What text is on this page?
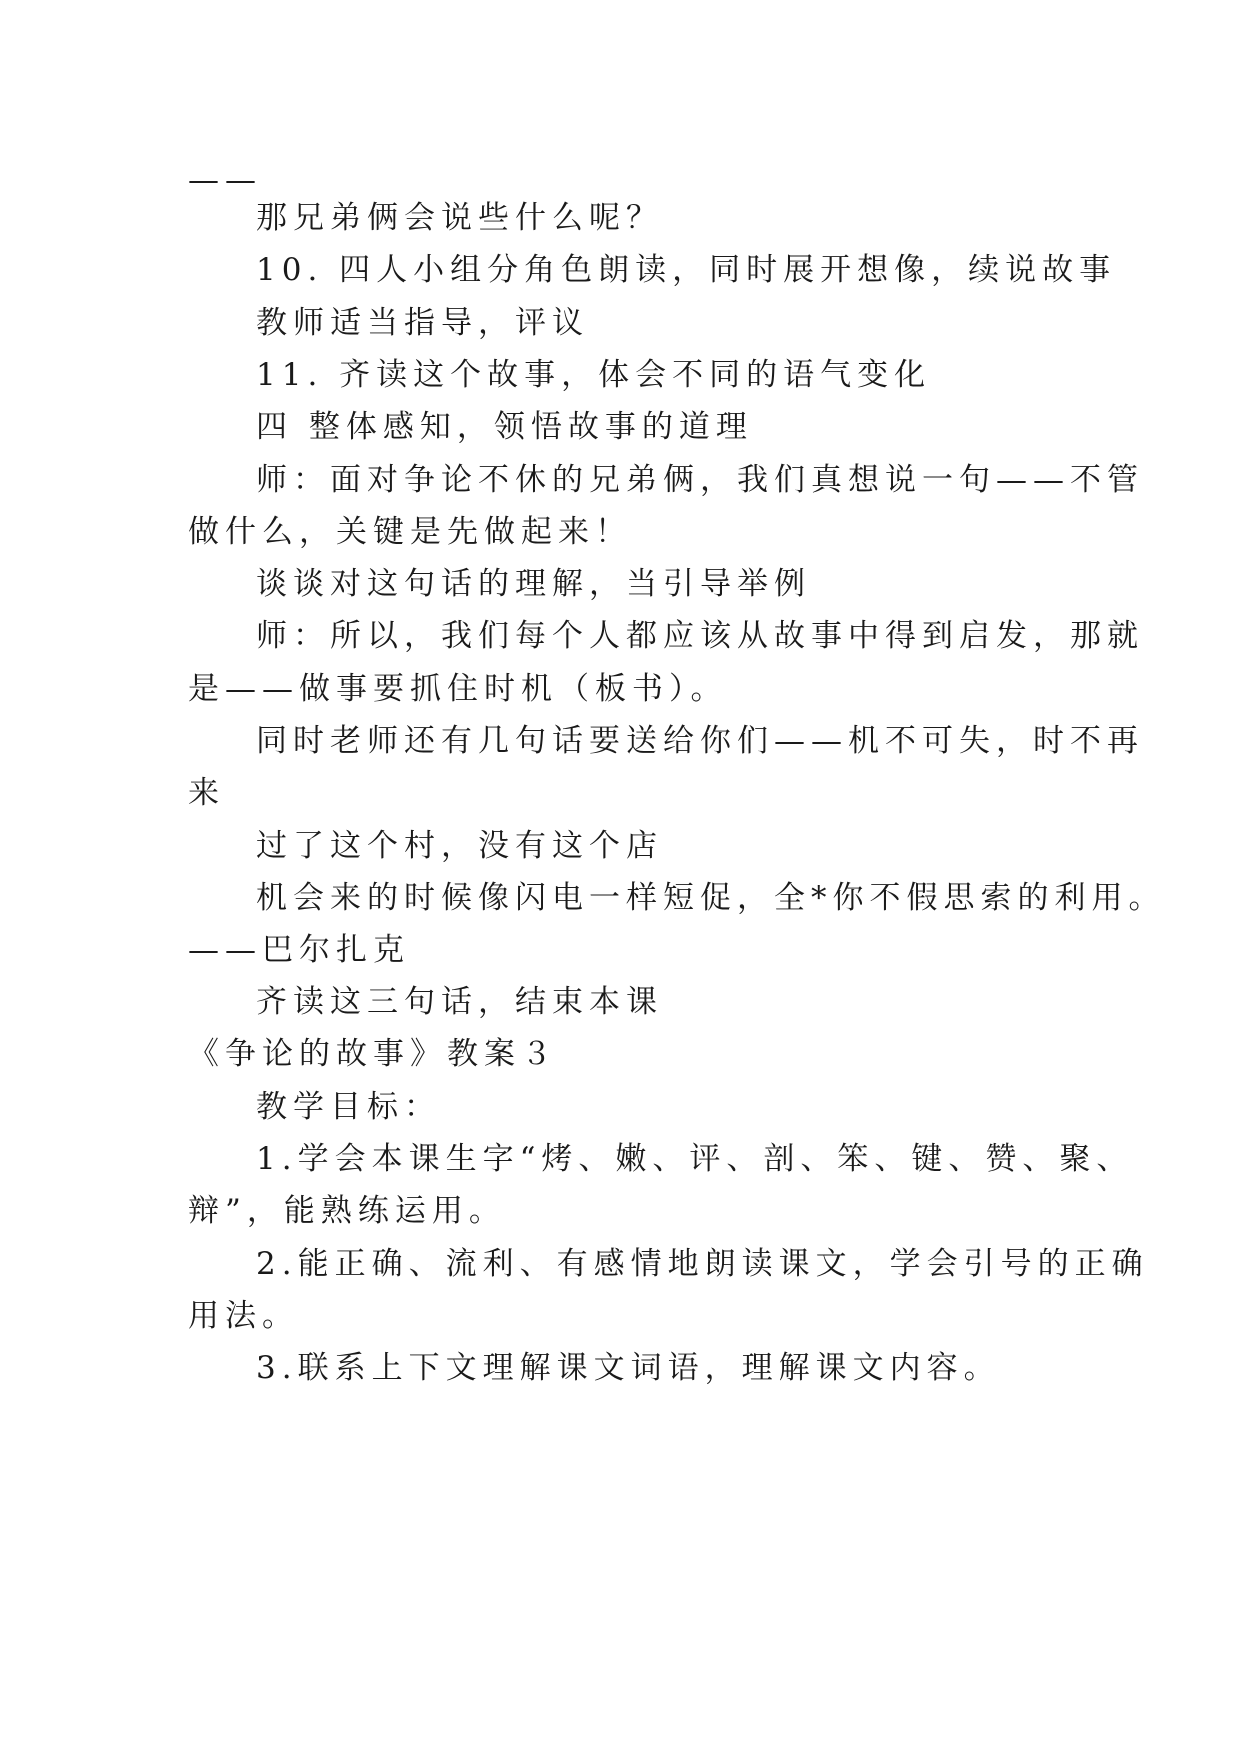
——
那兄弟俩会说些什么呢？
10. 四人小组分角色朗读，同时展开想像，续说故事
教师适当指导，评议
11. 齐读这个故事，体会不同的语气变化
四 整体感知，领悟故事的道理
师：面对争论不休的兄弟俩，我们真想说一句——不管
做什么，关键是先做起来！
谈谈对这句话的理解，当引导举例
师：所以，我们每个人都应该从故事中得到启发，那就
是——做事要抓住时机（板书）。
同时老师还有几句话要送给你们——机不可失，时不再
来
过了这个村，没有这个店
机会来的时候像闪电一样短促，全*你不假思索的利用。
——巴尔扎克
齐读这三句话，结束本课
《争论的故事》教案３
教学目标：
1.学会本课生字“烤、嫩、评、剖、笨、键、赞、聚、
辩”，能熟练运用。
2.能正确、流利、有感情地朗读课文，学会引号的正确
用法。
3.联系上下文理解课文词语，理解课文内容。
